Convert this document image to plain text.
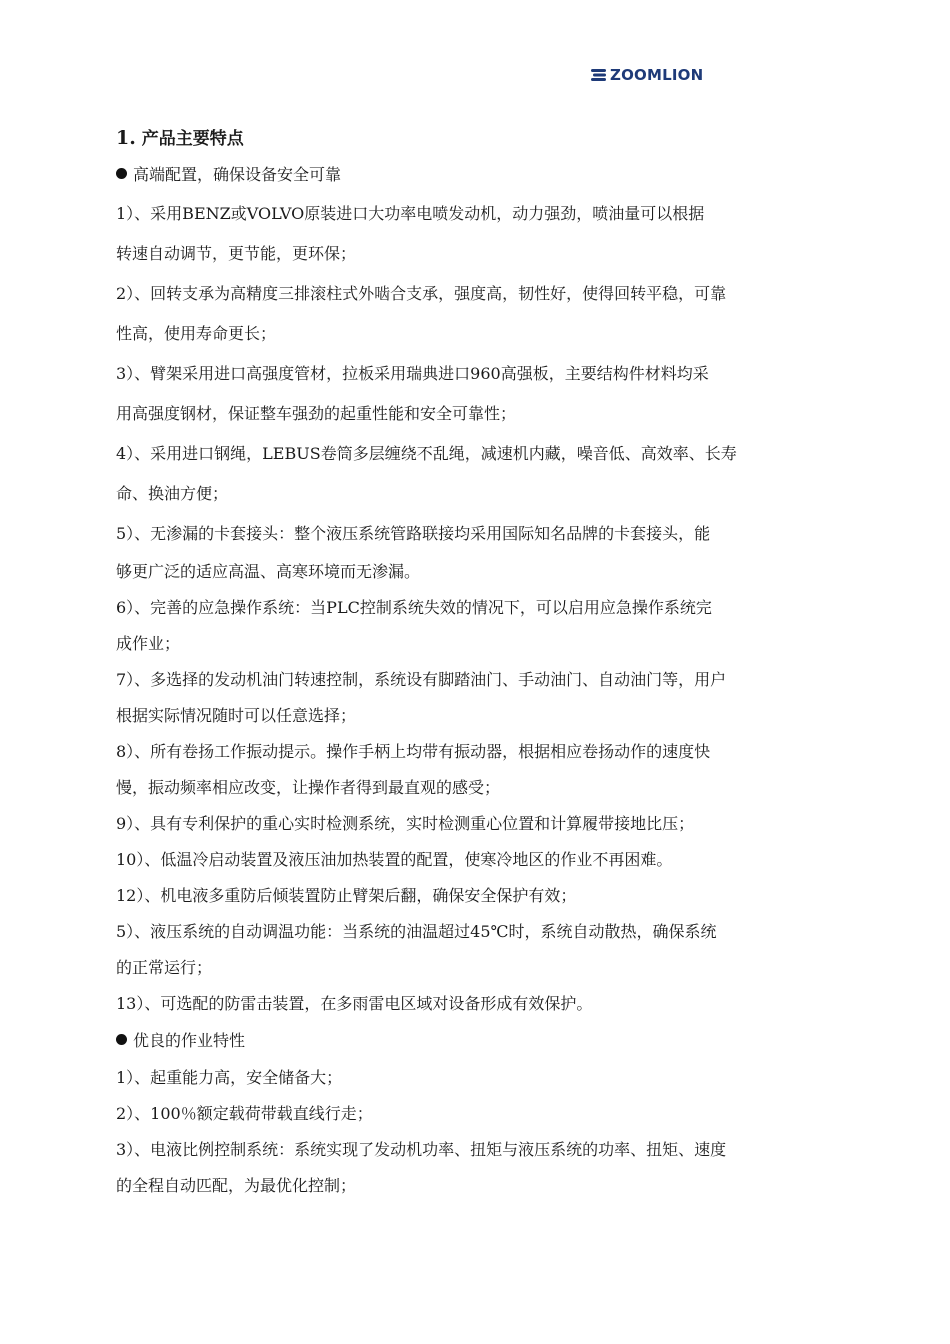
ZOOMLION
1. 产品主要特点
高端配置，确保设备安全可靠
1）、采用BENZ或VOLVO原装进口大功率电喷发动机，动力强劲，喷油量可以根据
转速自动调节，更节能，更环保；
2）、回转支承为高精度三排滚柱式外啮合支承，强度高，韧性好，使得回转平稳，可靠
性高，使用寿命更长；
3）、臂架采用进口高强度管材，拉板采用瑞典进口960高强板，主要结构件材料均采
用高强度钢材，保证整车强劲的起重性能和安全可靠性；
4）、采用进口钢绳，LEBUS卷筒多层缠绕不乱绳，减速机内藏，噪音低、高效率、长寿
命、换油方便；
5）、无渗漏的卡套接头：整个液压系统管路联接均采用国际知名品牌的卡套接头，能
够更广泛的适应高温、高寒环境而无渗漏。
6）、完善的应急操作系统：当PLC控制系统失效的情况下，可以启用应急操作系统完
成作业；
7）、多选择的发动机油门转速控制，系统设有脚踏油门、手动油门、自动油门等，用户
根据实际情况随时可以任意选择；
8）、所有卷扬工作振动提示。操作手柄上均带有振动器，根据相应卷扬动作的速度快
慢，振动频率相应改变，让操作者得到最直观的感受；
9）、具有专利保护的重心实时检测系统，实时检测重心位置和计算履带接地比压；
10）、低温冷启动装置及液压油加热装置的配置，使寒冷地区的作业不再困难。
12）、机电液多重防后倾装置防止臂架后翻，确保安全保护有效；
5）、液压系统的自动调温功能：当系统的油温超过45℃时，系统自动散热，确保系统
的正常运行；
13）、可选配的防雷击装置，在多雨雷电区域对设备形成有效保护。
优良的作业特性
1）、起重能力高，安全储备大；
2）、100％额定载荷带载直线行走；
3）、电液比例控制系统：系统实现了发动机功率、扭矩与液压系统的功率、扭矩、速度
的全程自动匹配，为最优化控制；
